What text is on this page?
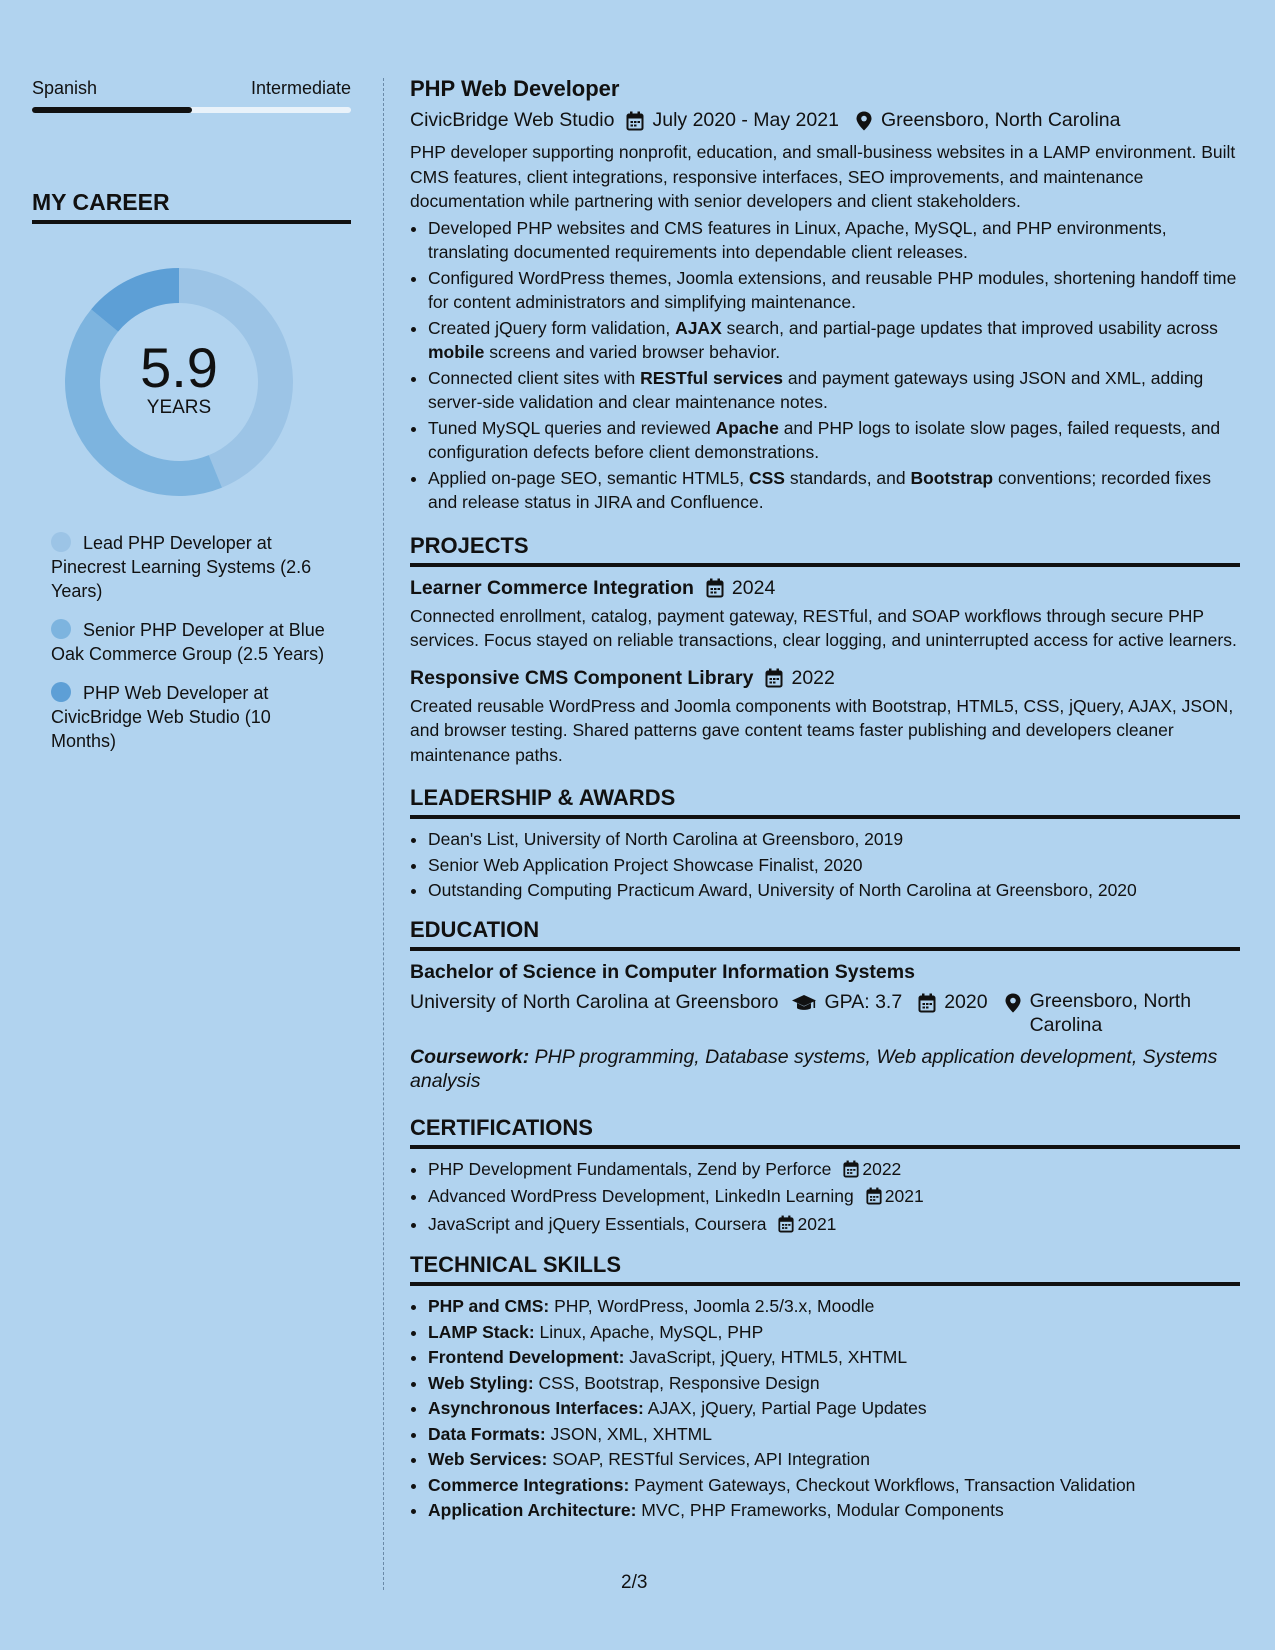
Spanish	Intermediate
MY CAREER
5.9
YEARS
Lead PHP Developer at Pinecrest Learning Systems (2.6 Years)
Senior PHP Developer at Blue Oak Commerce Group (2.5 Years)
PHP Web Developer at CivicBridge Web Studio (10 Months)
PHP Web Developer
CivicBridge Web Studio July 2020 - May 2021 Greensboro, North Carolina

PHP developer supporting nonprofit, education, and small-business websites in a LAMP environment. Built CMS features, client integrations, responsive interfaces, SEO improvements, and maintenance documentation while partnering with senior developers and client stakeholders.

• Developed PHP websites and CMS features in Linux, Apache, MySQL, and PHP environments, translating documented requirements into dependable client releases.
• Configured WordPress themes, Joomla extensions, and reusable PHP modules, shortening handoff time for content administrators and simplifying maintenance.
• Created jQuery form validation, AJAX search, and partial-page updates that improved usability across mobile screens and varied browser behavior.
• Connected client sites with RESTful services and payment gateways using JSON and XML, adding server-side validation and clear maintenance notes.
• Tuned MySQL queries and reviewed Apache and PHP logs to isolate slow pages, failed requests, and configuration defects before client demonstrations.
• Applied on-page SEO, semantic HTML5, CSS standards, and Bootstrap conventions; recorded fixes and release status in JIRA and Confluence.
PROJECTS
Learner Commerce Integration 2024

Connected enrollment, catalog, payment gateway, RESTful, and SOAP workflows through secure PHP services. Focus stayed on reliable transactions, clear logging, and uninterrupted access for active learners.

Responsive CMS Component Library 2022

Created reusable WordPress and Joomla components with Bootstrap, HTML5, CSS, jQuery, AJAX, JSON, and browser testing. Shared patterns gave content teams faster publishing and developers cleaner maintenance paths.

LEADERSHIP & AWARDS
• Dean's List, University of North Carolina at Greensboro, 2019
• Senior Web Application Project Showcase Finalist, 2020
• Outstanding Computing Practicum Award, University of North Carolina at Greensboro, 2020
EDUCATION
Bachelor of Science in Computer Information Systems
University of North Carolina at Greensboro GPA: 3.7 2020 Greensboro, North Carolina
Coursework: PHP programming, Database systems, Web application development, Systems analysis
CERTIFICATIONS
• PHP Development Fundamentals, Zend by Perforce 2022
• Advanced WordPress Development, LinkedIn Learning 2021
• JavaScript and jQuery Essentials, Coursera 2021
TECHNICAL SKILLS
• PHP and CMS: PHP, WordPress, Joomla 2.5/3.x, Moodle
• LAMP Stack: Linux, Apache, MySQL, PHP
• Frontend Development: JavaScript, jQuery, HTML5, XHTML
• Web Styling: CSS, Bootstrap, Responsive Design
• Asynchronous Interfaces: AJAX, jQuery, Partial Page Updates
• Data Formats: JSON, XML, XHTML
• Web Services: SOAP, RESTful Services, API Integration
• Commerce Integrations: Payment Gateways, Checkout Workflows, Transaction Validation
• Application Architecture: MVC, PHP Frameworks, Modular Components
2/3
